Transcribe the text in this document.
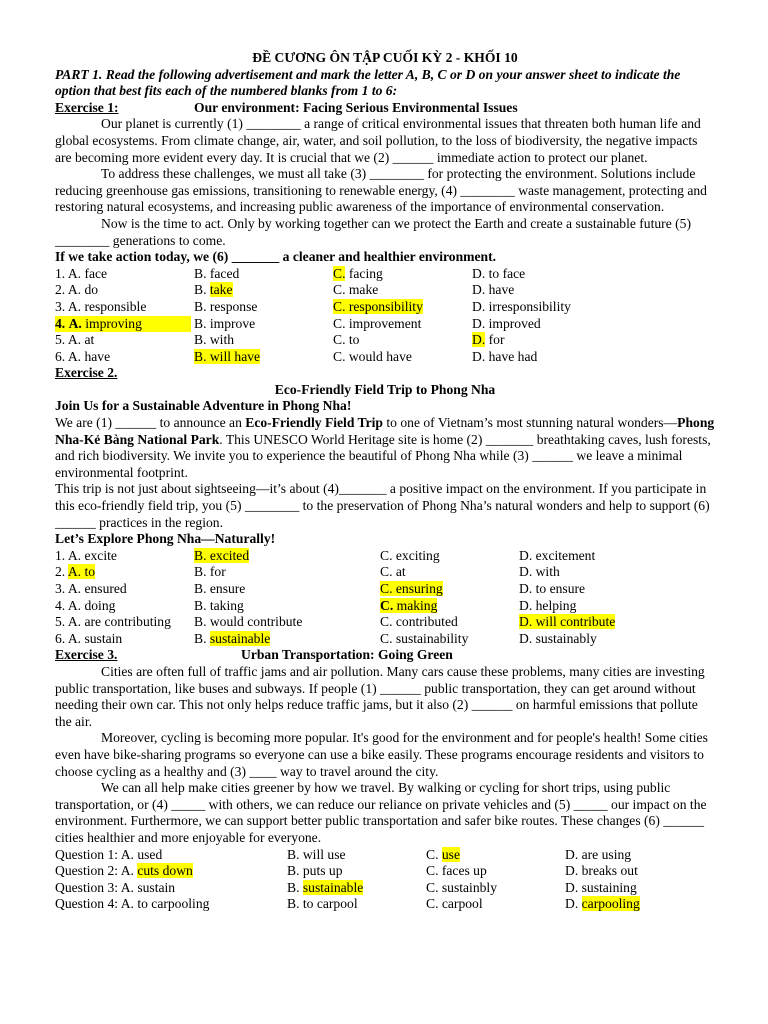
ĐỀ CƯƠNG ÔN TẬP CUỐI KỲ 2 - KHỐI 10

PART 1. Read the following advertisement and mark the letter A, B, C or D on your answer sheet to indicate the option that best fits each of the numbered blanks from 1 to 6:

Exercise 1:	Our environment: Facing Serious Environmental Issues

Our planet is currently (1) ________ a range of critical environmental issues that threaten both human life and global ecosystems. From climate change, air, water, and soil pollution, to the loss of biodiversity, the negative impacts are becoming more evident every day. It is crucial that we (2) ______ immediate action to protect our planet.

To address these challenges, we must all take (3) ________ for protecting the environment. Solutions include reducing greenhouse gas emissions, transitioning to renewable energy, (4) ________ waste management, protecting and restoring natural ecosystems, and increasing public awareness of the importance of environmental conservation.

Now is the time to act. Only by working together can we protect the Earth and create a sustainable future (5) ________ generations to come.

If we take action today, we (6) _______ a cleaner and healthier environment.

1. A. face	B. faced	C. facing	D. to face
2. A. do	B. take	C. make	D. have
3. A. responsible	B. response	C. responsibility	D. irresponsibility
4. A. improving	B. improve	C. improvement	D. improved
5. A. at	B. with	C. to	D. for
6. A. have	B. will have	C. would have	D. have had

Exercise 2.

Eco-Friendly Field Trip to Phong Nha

Join Us for a Sustainable Adventure in Phong Nha!

We are (1) ______ to announce an Eco-Friendly Field Trip to one of Vietnam’s most stunning natural wonders—Phong Nha-Kẻ Bàng National Park. This UNESCO World Heritage site is home (2) _______ breathtaking caves, lush forests, and rich biodiversity. We invite you to experience the beautiful of Phong Nha while (3) ______ we leave a minimal environmental footprint.

This trip is not just about sightseeing—it’s about (4)_______ a positive impact on the environment. If you participate in this eco-friendly field trip, you (5) ________ to the preservation of Phong Nha’s natural wonders and help to support (6) ______ practices in the region.

Let’s Explore Phong Nha—Naturally!

1. A. excite	B. excited	C. exciting	D. excitement
2. A. to	B. for	C. at	D. with
3. A. ensured	B. ensure	C. ensuring	D. to ensure
4. A. doing	B. taking	C. making	D. helping
5. A. are contributing	B. would contribute	C. contributed	D. will contribute
6. A. sustain	B. sustainable	C. sustainability	D. sustainably
Exercise 3.	Urban Transportation: Going Green

Cities are often full of traffic jams and air pollution. Many cars cause these problems, many cities are investing public transportation, like buses and subways. If people (1) ______ public transportation, they can get around without needing their own car. This not only helps reduce traffic jams, but it also (2) ______ on harmful emissions that pollute the air.

Moreover, cycling is becoming more popular. It's good for the environment and for people's health! Some cities even have bike-sharing programs so everyone can use a bike easily. These programs encourage residents and visitors to choose cycling as a healthy and (3) ____ way to travel around the city.

We can all help make cities greener by how we travel. By walking or cycling for short trips, using public transportation, or (4) _____ with others, we can reduce our reliance on private vehicles and (5) _____ our impact on the environment. Furthermore, we can support better public transportation and safer bike routes. These changes (6) ______ cities healthier and more enjoyable for everyone.

Question 1: A. used	B. will use	C. use	D. are using
Question 2: A. cuts down	B. puts up	C. faces up	D. breaks out
Question 3: A. sustain	B. sustainable	C. sustainbly	D. sustaining
Question 4: A. to carpooling	B. to carpool	C. carpool	D. carpooling
